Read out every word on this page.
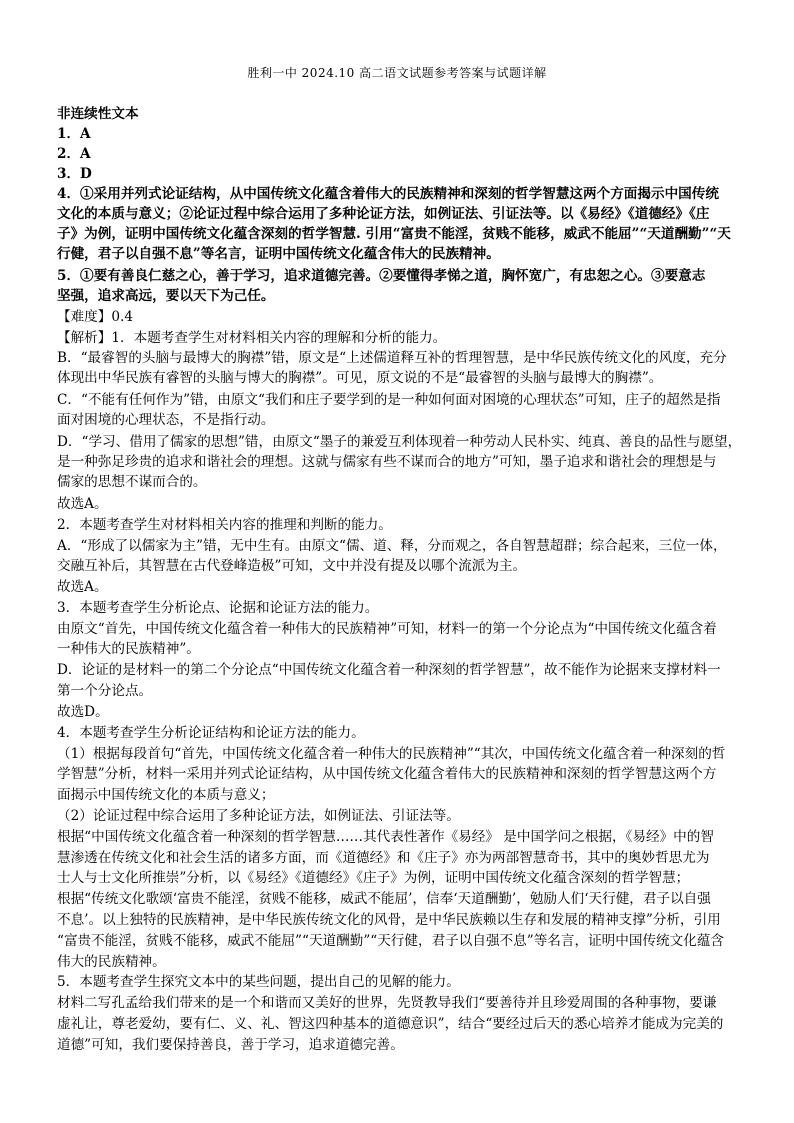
胜利一中 2024.10 高二语文试题参考答案与试题详解
非连续性文本
1．A
2．A
3．D
4．①采用并列式论证结构，从中国传统文化蕴含着伟大的民族精神和深刻的哲学智慧这两个方面揭示中国传统
文化的本质与意义；②论证过程中综合运用了多种论证方法，如例证法、引证法等。以《易经》《道德经》《庄
子》为例，证明中国传统文化蕴含深刻的哲学智慧. 引用“富贵不能淫，贫贱不能移，威武不能屈”“天道酬勤”“天
行健，君子以自强不息”等名言，证明中国传统文化蕴含伟大的民族精神。
5．①要有善良仁慈之心，善于学习，追求道德完善。②要懂得孝悌之道，胸怀宽广，有忠恕之心。③要意志
坚强，追求高远，要以天下为己任。
【难度】0.4
【解析】1．本题考查学生对材料相关内容的理解和分析的能力。
B．“最睿智的头脑与最博大的胸襟”错，原文是“上述儒道释互补的哲理智慧，是中华民族传统文化的风度，充分
体现出中华民族有睿智的头脑与博大的胸襟”。可见，原文说的不是“最睿智的头脑与最博大的胸襟”。
C．“不能有任何作为”错，由原文“我们和庄子要学到的是一种如何面对困境的心理状态”可知，庄子的超然是指
面对困境的心理状态，不是指行动。
D．“学习、借用了儒家的思想”错，由原文“墨子的兼爱互利体现着一种劳动人民朴实、纯真、善良的品性与愿望，
是一种弥足珍贵的追求和谐社会的理想。这就与儒家有些不谋而合的地方”可知，墨子追求和谐社会的理想是与
儒家的思想不谋而合的。
故选A。
2．本题考查学生对材料相关内容的推理和判断的能力。
A．“形成了以儒家为主”错，无中生有。由原文“儒、道、释，分而观之，各自智慧超群；综合起来，三位一体，
交融互补后，其智慧在古代登峰造极”可知，文中并没有提及以哪个流派为主。
故选A。
3．本题考查学生分析论点、论据和论证方法的能力。
由原文“首先，中国传统文化蕴含着一种伟大的民族精神”可知，材料一的第一个分论点为“中国传统文化蕴含着
一种伟大的民族精神”。
D．论证的是材料一的第二个分论点“中国传统文化蕴含着一种深刻的哲学智慧”，故不能作为论据来支撑材料一
第一个分论点。
故选D。
4．本题考查学生分析论证结构和论证方法的能力。
（1）根据每段首句“首先，中国传统文化蕴含着一种伟大的民族精神”“其次，中国传统文化蕴含着一种深刻的哲
学智慧”分析，材料一采用并列式论证结构，从中国传统文化蕴含着伟大的民族精神和深刻的哲学智慧这两个方
面揭示中国传统文化的本质与意义；
（2）论证过程中综合运用了多种论证方法，如例证法、引证法等。
根据“中国传统文化蕴含着一种深刻的哲学智慧……其代表性著作《易经》 是中国学问之根据，《易经》中的智
慧渗透在传统文化和社会生活的诸多方面，而《道德经》和《庄子》亦为两部智慧奇书，其中的奥妙哲思尤为
士人与士文化所推崇”分析，以《易经》《道德经》《庄子》为例，证明中国传统文化蕴含深刻的哲学智慧；
根据“传统文化歌颂‘富贵不能淫，贫贱不能移，威武不能屈’，信奉‘天道酬勤’，勉励人们‘天行健，君子以自强
不息’。以上独特的民族精神，是中华民族传统文化的风骨，是中华民族赖以生存和发展的精神支撑”分析，引用
“富贵不能淫，贫贱不能移，威武不能屈”“天道酬勤”“天行健，君子以自强不息”等名言，证明中国传统文化蕴含
伟大的民族精神。
5．本题考查学生探究文本中的某些问题，提出自己的见解的能力。
材料二写孔孟给我们带来的是一个和谐而又美好的世界，先贤教导我们“要善待并且珍爱周围的各种事物，要谦
虚礼让，尊老爱幼，要有仁、义、礼、智这四种基本的道德意识”，结合“要经过后天的悉心培养才能成为完美的
道德”可知，我们要保持善良，善于学习，追求道德完善。
